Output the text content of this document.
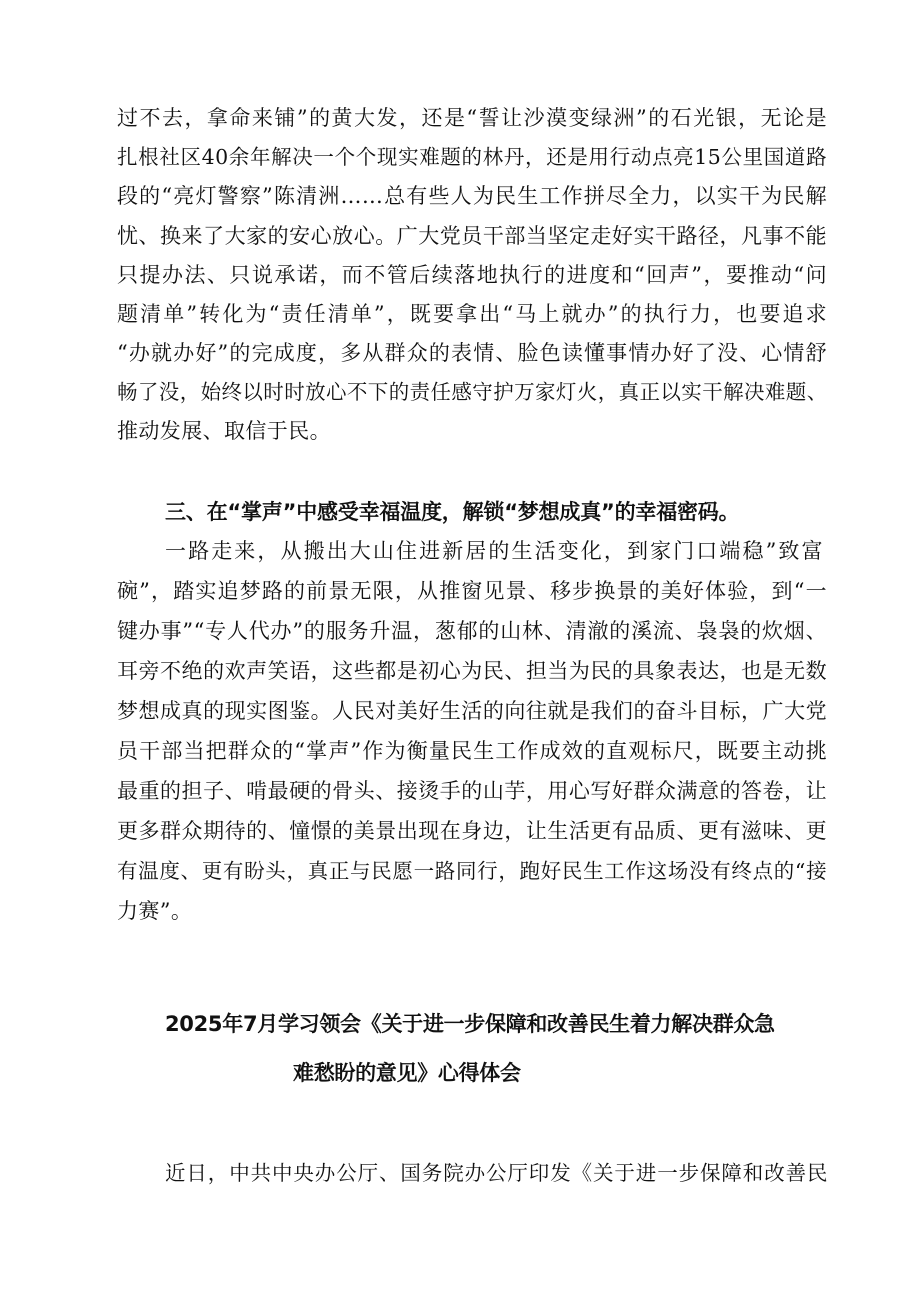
过不去，拿命来铺”的黄大发，还是“誓让沙漠变绿洲”的石光银，无论是
扎根社区40余年解决一个个现实难题的林丹，还是用行动点亮15公里国道路
段的“亮灯警察”陈清洲……总有些人为民生工作拼尽全力，以实干为民解
忧、换来了大家的安心放心。广大党员干部当坚定走好实干路径，凡事不能
只提办法、只说承诺，而不管后续落地执行的进度和“回声”，要推动“问
题清单”转化为“责任清单”，既要拿出“马上就办”的执行力，也要追求
“办就办好”的完成度，多从群众的表情、脸色读懂事情办好了没、心情舒
畅了没，始终以时时放心不下的责任感守护万家灯火，真正以实干解决难题、
推动发展、取信于民。
三、在“掌声”中感受幸福温度，解锁“梦想成真”的幸福密码。
一路走来，从搬出大山住进新居的生活变化，到家门口端稳”致富
碗”，踏实追梦路的前景无限，从推窗见景、移步换景的美好体验，到“一
键办事”“专人代办”的服务升温，葱郁的山林、清澈的溪流、袅袅的炊烟、
耳旁不绝的欢声笑语，这些都是初心为民、担当为民的具象表达，也是无数
梦想成真的现实图鉴。人民对美好生活的向往就是我们的奋斗目标，广大党
员干部当把群众的“掌声”作为衡量民生工作成效的直观标尺，既要主动挑
最重的担子、啃最硬的骨头、接烫手的山芋，用心写好群众满意的答卷，让
更多群众期待的、憧憬的美景出现在身边，让生活更有品质、更有滋味、更
有温度、更有盼头，真正与民愿一路同行，跑好民生工作这场没有终点的“接
力赛”。
2025年7月学习领会《关于进一步保障和改善民生着力解决群众急
难愁盼的意见》心得体会
近日，中共中央办公厅、国务院办公厅印发《关于进一步保障和改善民
